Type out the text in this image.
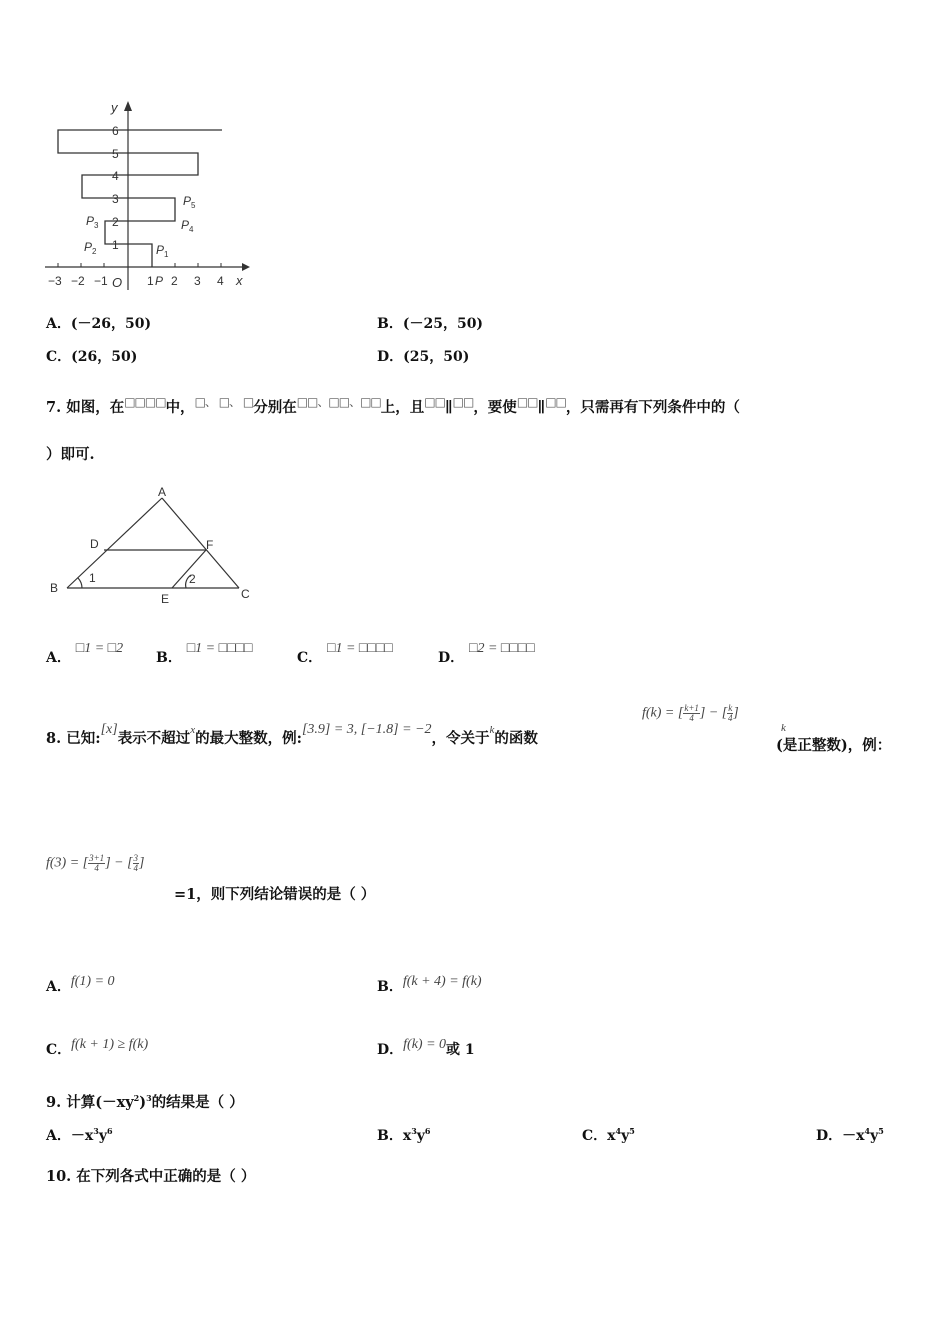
y
x
O
6
5
4
3
2
1
−3 −2 −1	1 2 3 4
P
P 1
P 2
P 3	P 4
P 5
A．(－26，50)	B．(－25，50)
C．(26，50)	D．(25，50)
7. 如图，在□□□□中，□、 □、 □分别在□□、□□、□□上，且□□∥□□，要使□□∥□□，只需再有下列条件中的（
）即可.
A
B	C
D
E
F
1	2
A． □1 = □2
B． □1 = □□□□
C． □1 = □□□□
D． □2 = □□□□
8. 已知:[x]表示不超过$^x$的最大整数，例:[3.9] = 3, [−1.8] = −2，令关于$^k$的函数
f(k) = [ $\frac{k+1}{4}$ ] − [ $\frac{k}{4}$ ]
k
(是正整数)，例：
f(3) = [ $\frac{3+1}{4}$ ] − [ $\frac{3}{4}$ ]
=1，则下列结论错误的是（ ）
A．f(1) = 0	B．f(k + 4) = f(k)
C．f(k + 1) ≥ f(k)	D．f(k) = 0或 1
9. 计算$(-xy^2)^3$的结果是（ ）
A．$-x^3y^6$	B．$x^3y^6$	C．$x^4y^5$	D．$-x^4y^5$
10. 在下列各式中正确的是（ ）
